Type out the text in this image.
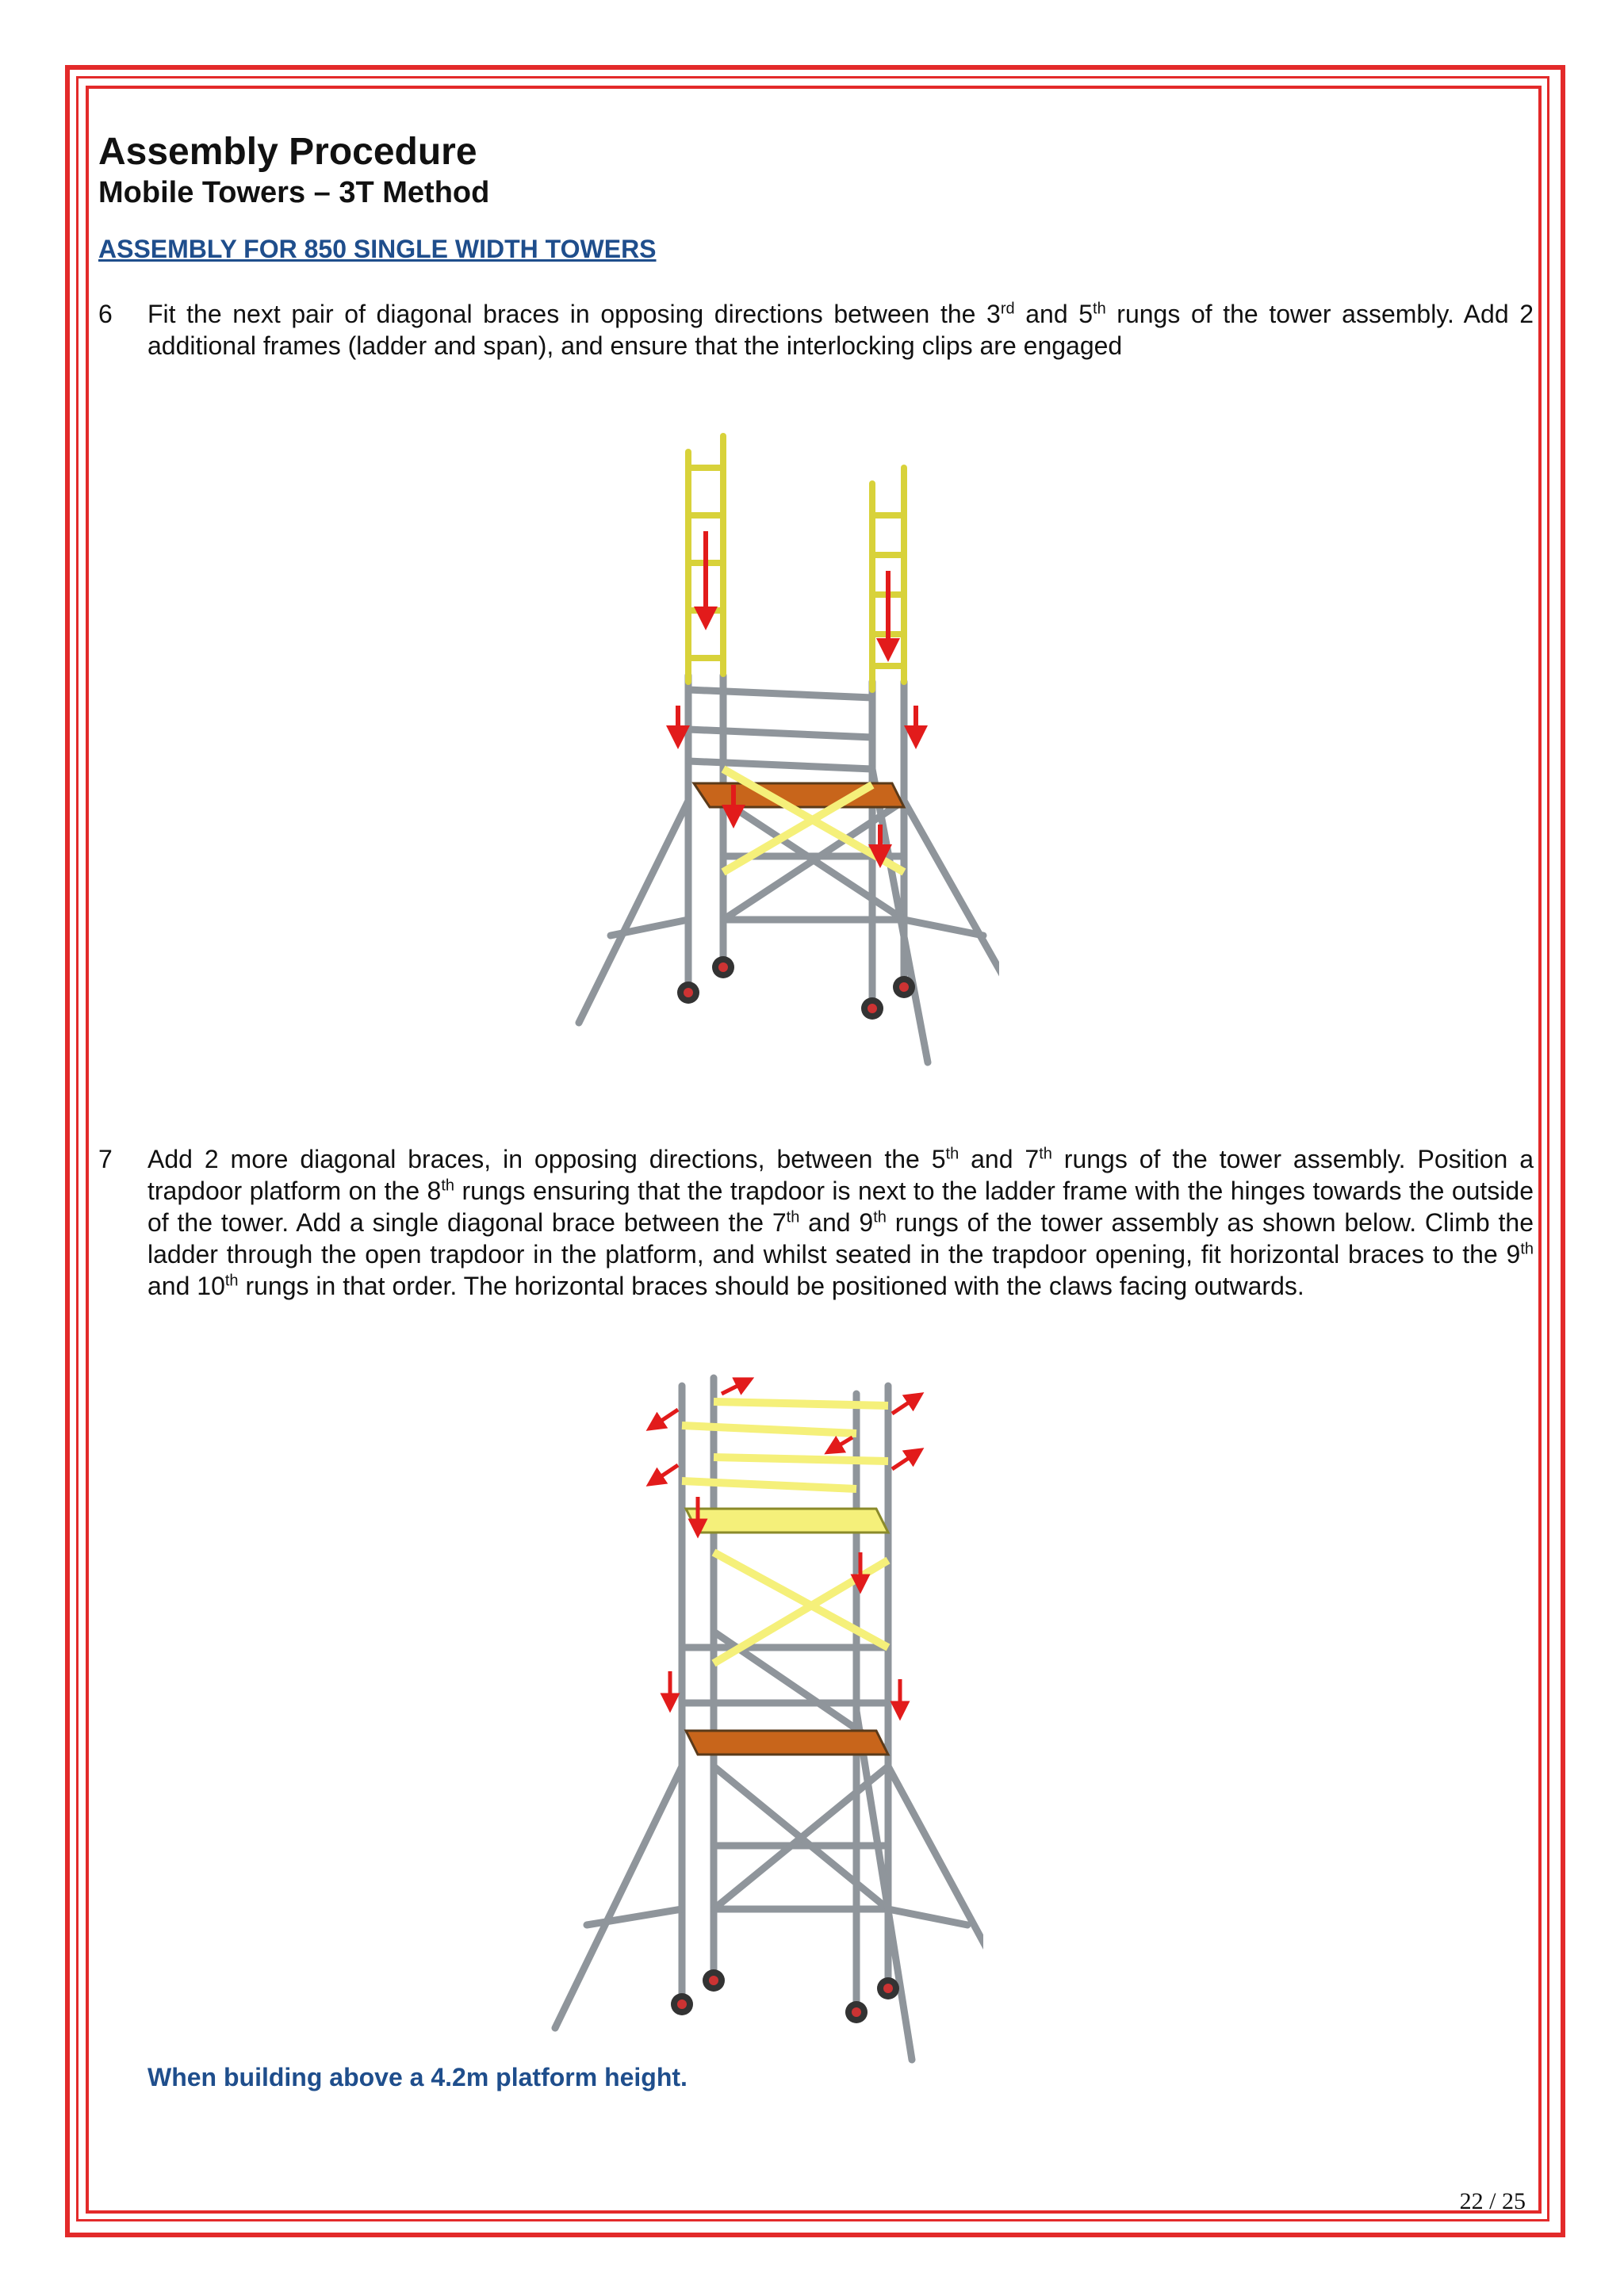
Assembly Procedure
Mobile Towers – 3T Method
ASSEMBLY FOR 850 SINGLE WIDTH TOWERS
6 Fit the next pair of diagonal braces in opposing directions between the 3rd and 5th rungs of the tower assembly. Add 2 additional frames (ladder and span), and ensure that the interlocking clips are engaged
7 Add 2 more diagonal braces, in opposing directions, between the 5th and 7th rungs of the tower assembly. Position a trapdoor platform on the 8th rungs ensuring that the trapdoor is next to the ladder frame with the hinges towards the outside of the tower. Add a single diagonal brace between the 7th and 9th rungs of the tower assembly as shown below. Climb the ladder through the open trapdoor in the platform, and whilst seated in the trapdoor opening, fit horizontal braces to the 9th and 10th rungs in that order. The horizontal braces should be positioned with the claws facing outwards.
When building above a 4.2m platform height.
22 / 25
